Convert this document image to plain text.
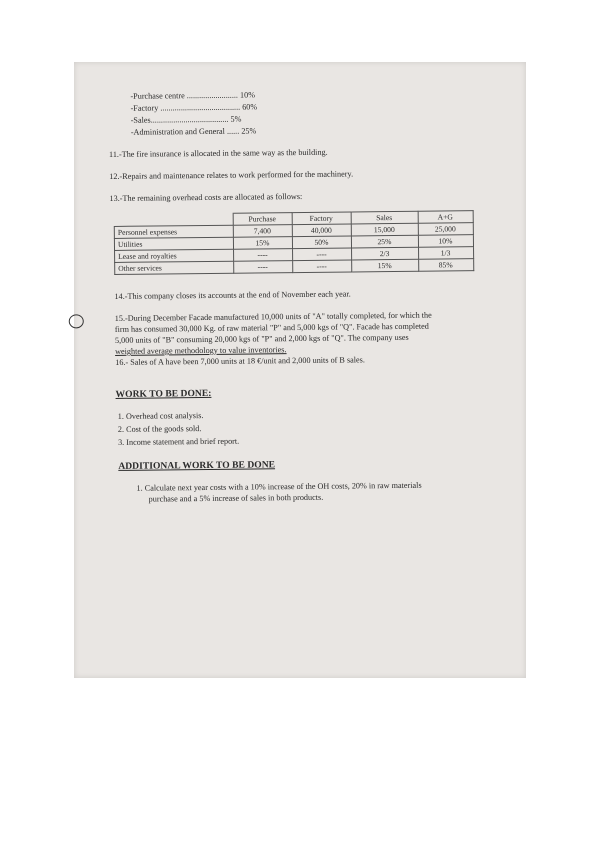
-Purchase centre ......................... 10%
-Factory ....................................... 60%
-Sales...................................... 5%
-Administration and General ...... 25%
11.-The fire insurance is allocated in the same way as the building.
12.-Repairs and maintenance relates to work performed for the machinery.
13.-The remaining overhead costs are allocated as follows:
	Purchase	Factory	Sales	A+G
Personnel expenses	7,400	40,000	15,000	25,000
Utilities	15%	50%	25%	10%
Lease and royalties	----	----	2/3	1/3
Other services	----	----	15%	85%
14.-This company closes its accounts at the end of November each year.
15.-During December Facade manufactured 10,000 units of "A" totally completed, for which the
firm has consumed 30,000 Kg. of raw material "P" and 5,000 kgs of "Q". Facade has completed
5,000 units of "B" consuming 20,000 kgs of "P" and 2,000 kgs of "Q". The company uses
weighted average methodology to value inventories.
16.- Sales of A have been 7,000 units at 18 €/unit and 2,000 units of B sales.
WORK TO BE DONE:
1. Overhead cost analysis.
2. Cost of the goods sold.
3. Income statement and brief report.
ADDITIONAL WORK TO BE DONE
1. Calculate next year costs with a 10% increase of the OH costs, 20% in raw materials
purchase and a 5% increase of sales in both products.
